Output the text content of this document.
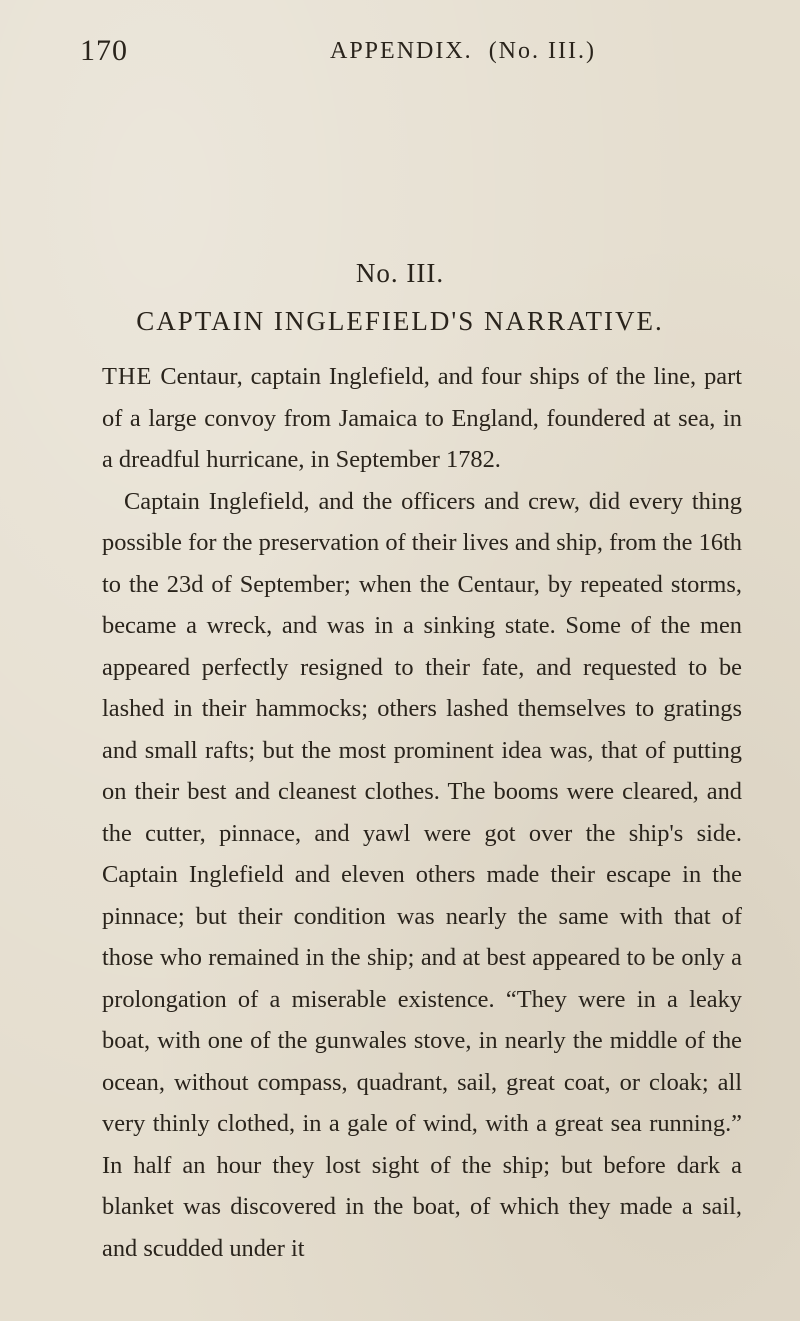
170	APPENDIX. (No. III.)
No. III.
CAPTAIN INGLEFIELD'S NARRATIVE.

THE Centaur, captain Inglefield, and four ships of the line, part of a large convoy from Jamaica to England, foundered at sea, in a dreadful hurricane, in September 1782.

Captain Inglefield, and the officers and crew, did every thing possible for the preservation of their lives and ship, from the 16th to the 23d of September; when the Centaur, by repeated storms, became a wreck, and was in a sinking state. Some of the men appeared perfectly resigned to their fate, and requested to be lashed in their hammocks; others lashed themselves to gratings and small rafts; but the most prominent idea was, that of putting on their best and cleanest clothes. The booms were cleared, and the cutter, pinnace, and yawl were got over the ship's side. Captain Inglefield and eleven others made their escape in the pinnace; but their condition was nearly the same with that of those who remained in the ship; and at best appeared to be only a prolongation of a miserable existence. “They were in a leaky boat, with one of the gunwales stove, in nearly the middle of the ocean, without compass, quadrant, sail, great coat, or cloak; all very thinly clothed, in a gale of wind, with a great sea running.” In half an hour they lost sight of the ship; but before dark a blanket was discovered in the boat, of which they made a sail, and scudded under it
